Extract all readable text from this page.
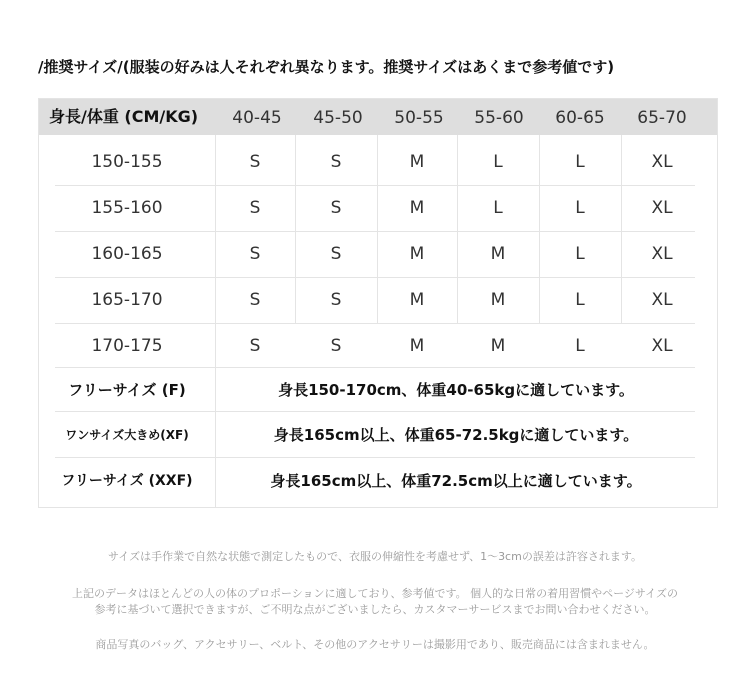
/推奨サイズ/(服装の好みは人それぞれ異なります。推奨サイズはあくまで参考値です)
身長/体重 (CM/KG)	40-45	45-50	50-55	55-60	60-65	65-70
150-155	S	S	M	L	L	XL
155-160	S	S	M	L	L	XL
160-165	S	S	M	M	L	XL
165-170	S	S	M	M	L	XL
170-175	S	S	M	M	L	XL
フリーサイズ (F)	身長150-170cm、体重40-65kgに適しています。
ワンサイズ大きめ(XF)	身長165cm以上、体重65-72.5kgに適しています。
フリーサイズ (XXF)	身長165cm以上、体重72.5cm以上に適しています。
サイズは手作業で自然な状態で測定したもので、衣服の伸縮性を考慮せず、1～3cmの誤差は許容されます。
上記のデータはほとんどの人の体のプロポーションに適しており、参考値です。 個人的な日常の着用習慣やページサイズの
参考に基づいて選択できますが、ご不明な点がございましたら、カスタマーサービスまでお問い合わせください。
商品写真のバッグ、アクセサリー、ベルト、その他のアクセサリーは撮影用であり、販売商品には含まれません。
